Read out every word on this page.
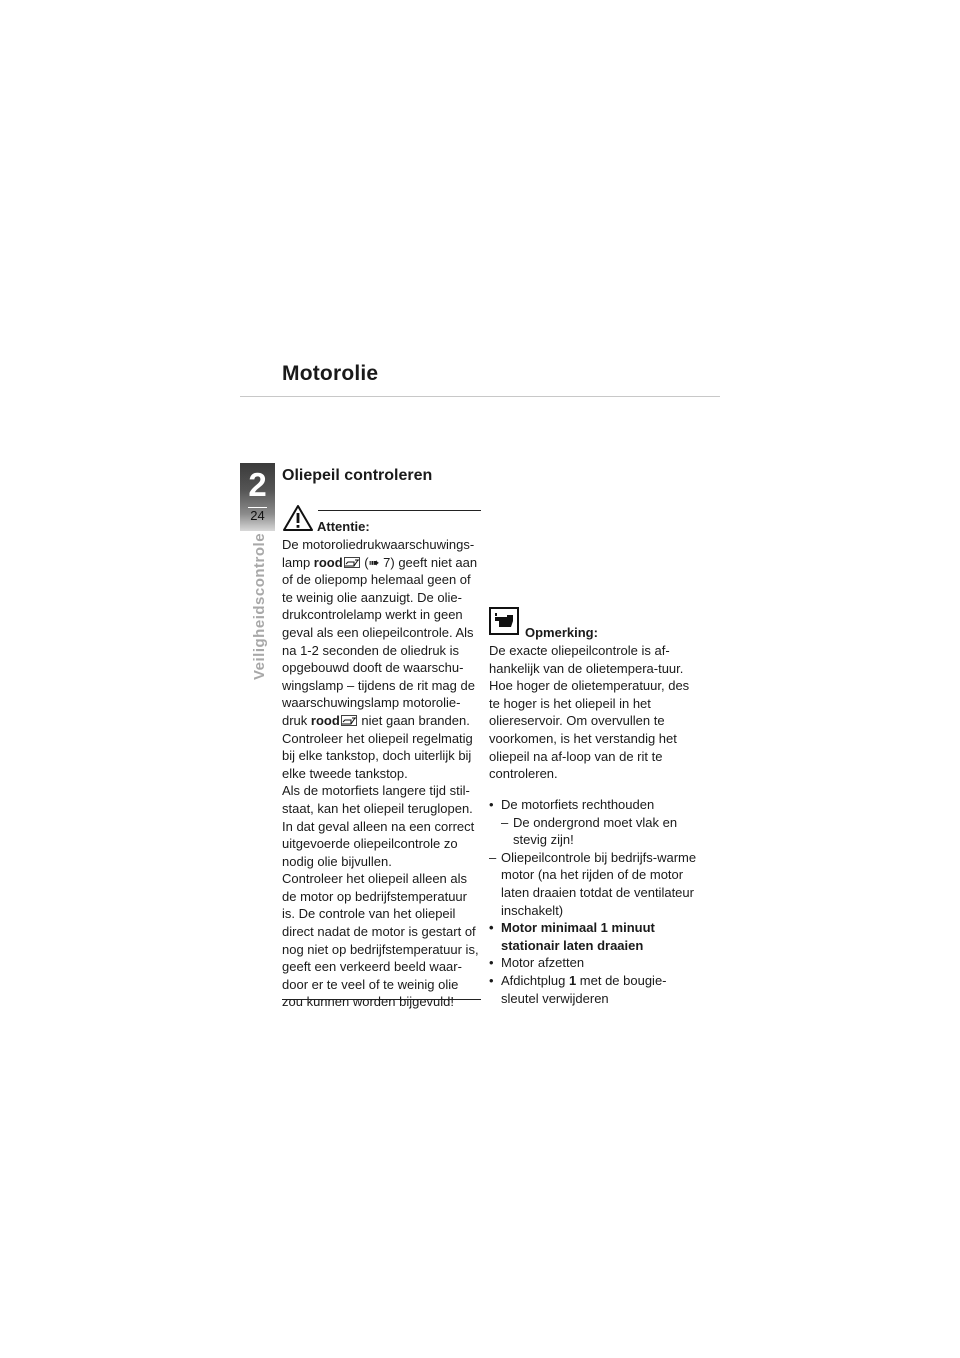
Motorolie
2
24
Veiligheidscontrole
Oliepeil controleren
Attentie:

De motoroliedrukwaarschuwings-

lamp rood (➠ 7) geeft niet aan

of de oliepomp helemaal geen of te weinig olie aanzuigt. De olie-drukcontrolelamp werkt in geen geval als een oliepeilcontrole. Als na 1-2 seconden de oliedruk is opgebouwd dooft de waarschu-wingslamp – tijdens de rit mag de waarschuwingslamp motorolie-

druk rood niet gaan branden.

Controleer het oliepeil regelmatig bij elke tankstop, doch uiterlijk bij elke tweede tankstop.

Als de motorfiets langere tijd stil-staat, kan het oliepeil teruglopen. In dat geval alleen na een correct uitgevoerde oliepeilcontrole zo nodig olie bijvullen.

Controleer het oliepeil alleen als de motor op bedrijfstemperatuur is. De controle van het oliepeil direct nadat de motor is gestart of nog niet op bedrijfstemperatuur is, geeft een verkeerd beeld waar-door er te veel of te weinig olie zou kunnen worden bijgevuld!

Opmerking:

De exacte oliepeilcontrole is af-hankelijk van de olietempera-tuur. Hoe hoger de olietemperatuur, des te hoger is het oliepeil in het oliereservoir. Om overvullen te voorkomen, is het verstandig het oliepeil na af-loop van de rit te controleren.

• De motorfiets rechthouden
– De ondergrond moet vlak en stevig zijn!
– Oliepeilcontrole bij bedrijfs-warme motor (na het rijden of de motor laten draaien totdat de ventilateur inschakelt)
• Motor minimaal 1 minuut stationair laten draaien
• Motor afzetten
• Afdichtplug 1 met de bougie-sleutel verwijderen
